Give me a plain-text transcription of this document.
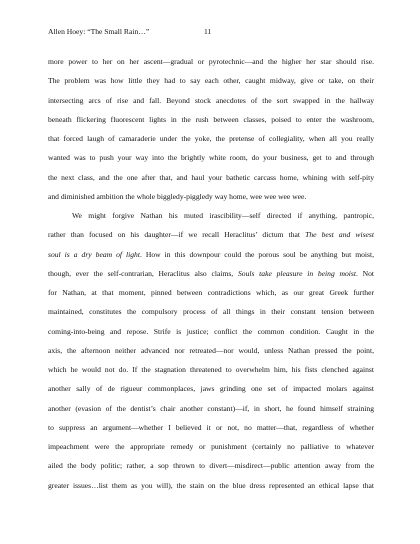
Allen Hoey: “The Small Rain…”	11
more power to her on her ascent—gradual or pyrotechnic—and the higher her star should rise.
The problem was how little they had to say each other, caught midway, give or take, on their
intersecting arcs of rise and fall. Beyond stock anecdotes of the sort swapped in the hallway
beneath flickering fluorescent lights in the rush between classes, poised to enter the washroom,
that forced laugh of camaraderie under the yoke, the pretense of collegiality, when all you really
wanted was to push your way into the brightly white room, do your business, get to and through
the next class, and the one after that, and haul your bathetic carcass home, whining with self-pity
and diminished ambition the whole biggledy-piggledy way home, wee wee wee wee.
We might forgive Nathan his muted irascibility—self directed if anything, pantropic,
rather than focused on his daughter—if we recall Heraclitus’ dictum that The best and wisest
soul is a dry beam of light. How in this downpour could the porous soul be anything but moist,
though, ever the self-contrarian, Heraclitus also claims, Souls take pleasure in being moist. Not
for Nathan, at that moment, pinned between contradictions which, as our great Greek further
maintained, constitutes the compulsory process of all things in their constant tension between
coming-into-being and repose. Strife is justice; conflict the common condition. Caught in the
axis, the afternoon neither advanced nor retreated—nor would, unless Nathan pressed the point,
which he would not do. If the stagnation threatened to overwhelm him, his fists clenched against
another sally of de rigueur commonplaces, jaws grinding one set of impacted molars against
another (evasion of the dentist’s chair another constant)—if, in short, he found himself straining
to suppress an argument—whether I believed it or not, no matter—that, regardless of whether
impeachment were the appropriate remedy or punishment (certainly no palliative to whatever
ailed the body politic; rather, a sop thrown to divert—misdirect—public attention away from the
greater issues…list them as you will), the stain on the blue dress represented an ethical lapse that
